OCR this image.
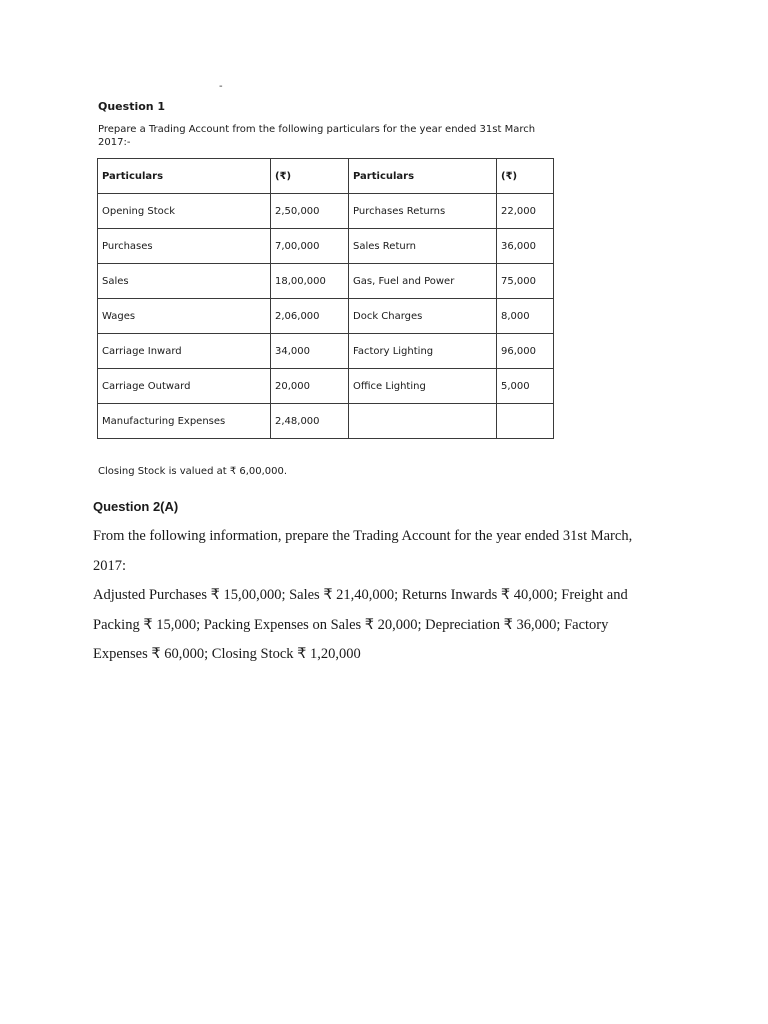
-
Question 1
Prepare a Trading Account from the following particulars for the year ended 31st March 2017:-
Particulars	(₹)	Particulars	(₹)
Opening Stock	2,50,000	Purchases Returns	22,000
Purchases	7,00,000	Sales Return	36,000
Sales	18,00,000	Gas, Fuel and Power	75,000
Wages	2,06,000	Dock Charges	8,000
Carriage Inward	34,000	Factory Lighting	96,000
Carriage Outward	20,000	Office Lighting	5,000
Manufacturing Expenses	2,48,000		
Closing Stock is valued at ₹ 6,00,000.
Question 2(A)

From the following information, prepare the Trading Account for the year ended 31st March, 2017:

Adjusted Purchases ₹ 15,00,000; Sales ₹ 21,40,000; Returns Inwards ₹ 40,000; Freight and Packing ₹ 15,000; Packing Expenses on Sales ₹ 20,000; Depreciation ₹ 36,000; Factory Expenses ₹ 60,000; Closing Stock ₹ 1,20,000
